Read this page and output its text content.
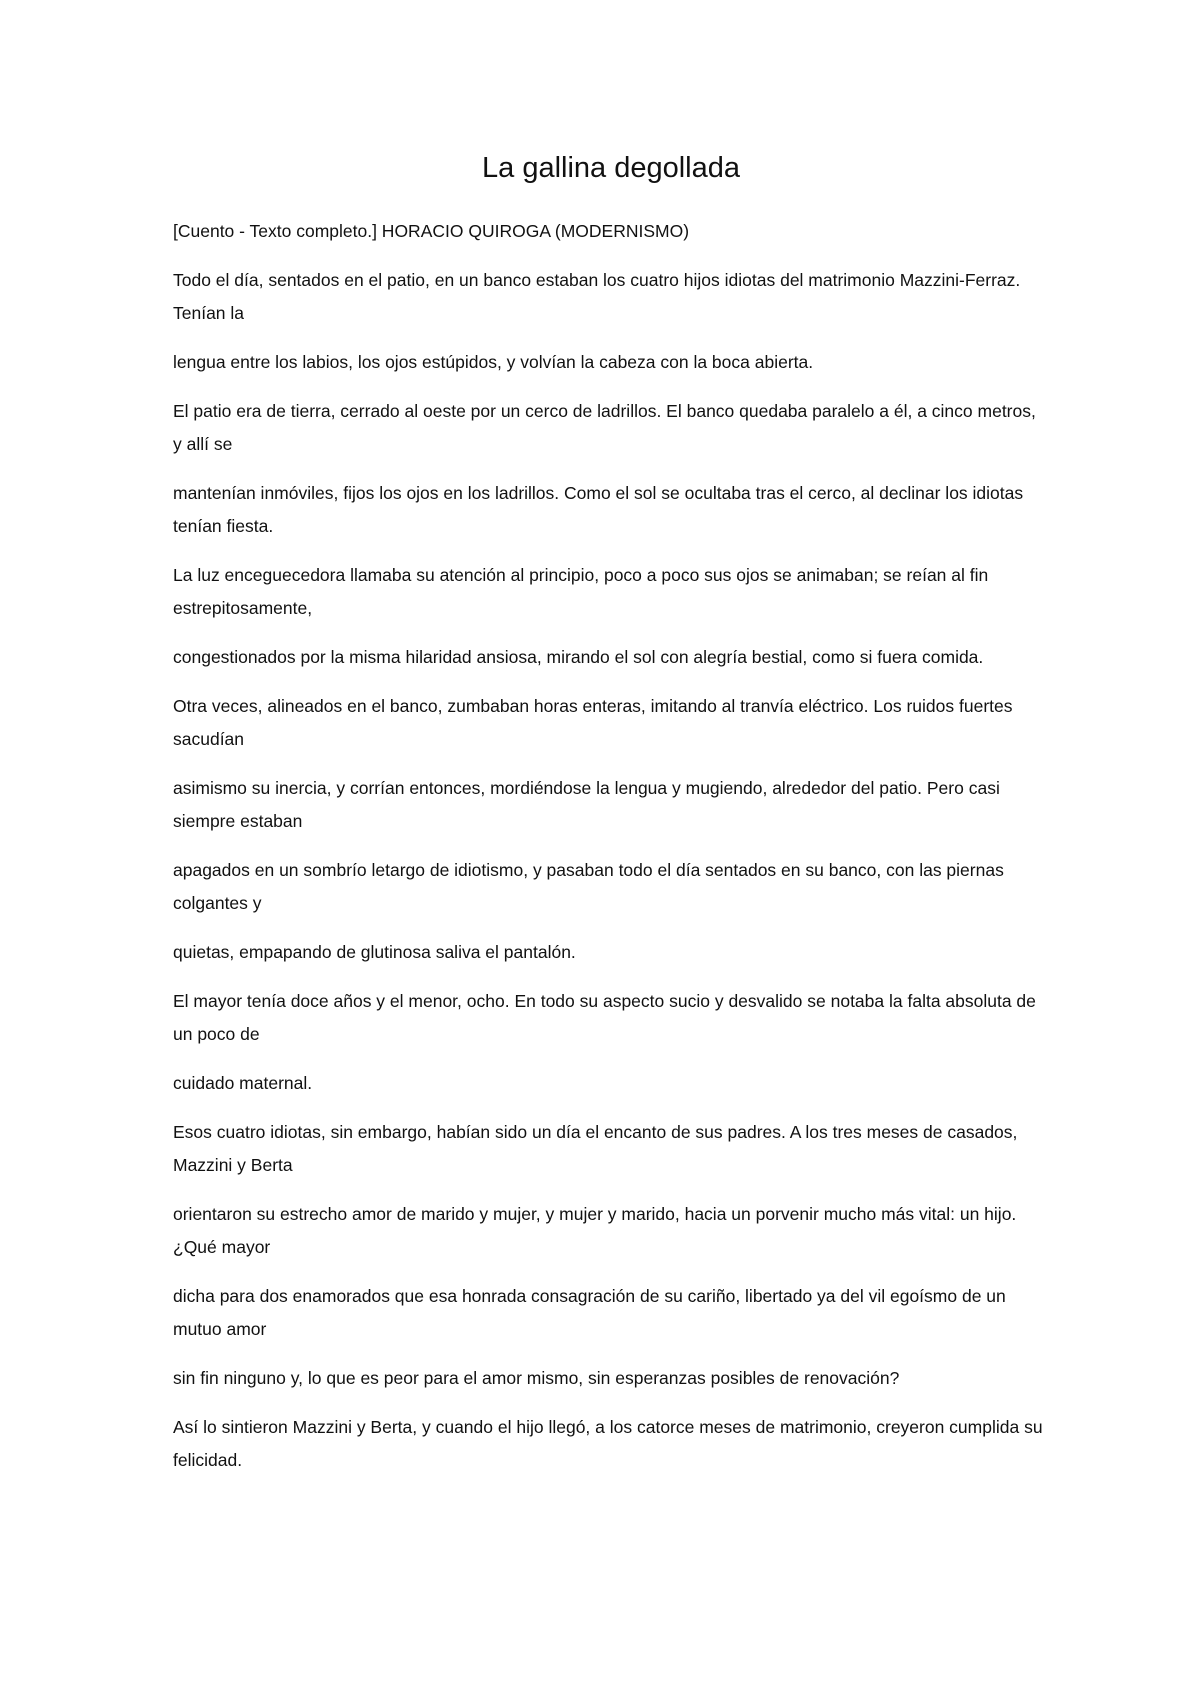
La gallina degollada
[Cuento - Texto completo.] HORACIO QUIROGA (MODERNISMO)
Todo el día, sentados en el patio, en un banco estaban los cuatro hijos idiotas del matrimonio Mazzini-Ferraz. Tenían la
lengua entre los labios, los ojos estúpidos, y volvían la cabeza con la boca abierta.
El patio era de tierra, cerrado al oeste por un cerco de ladrillos. El banco quedaba paralelo a él, a cinco metros, y allí se
mantenían inmóviles, fijos los ojos en los ladrillos. Como el sol se ocultaba tras el cerco, al declinar los idiotas tenían fiesta.
La luz enceguecedora llamaba su atención al principio, poco a poco sus ojos se animaban; se reían al fin estrepitosamente,
congestionados por la misma hilaridad ansiosa, mirando el sol con alegría bestial, como si fuera comida.
Otra veces, alineados en el banco, zumbaban horas enteras, imitando al tranvía eléctrico. Los ruidos fuertes sacudían
asimismo su inercia, y corrían entonces, mordiéndose la lengua y mugiendo, alrededor del patio. Pero casi siempre estaban
apagados en un sombrío letargo de idiotismo, y pasaban todo el día sentados en su banco, con las piernas colgantes y
quietas, empapando de glutinosa saliva el pantalón.
El mayor tenía doce años y el menor, ocho. En todo su aspecto sucio y desvalido se notaba la falta absoluta de un poco de
cuidado maternal.
Esos cuatro idiotas, sin embargo, habían sido un día el encanto de sus padres. A los tres meses de casados, Mazzini y Berta
orientaron su estrecho amor de marido y mujer, y mujer y marido, hacia un porvenir mucho más vital: un hijo. ¿Qué mayor
dicha para dos enamorados que esa honrada consagración de su cariño, libertado ya del vil egoísmo de un mutuo amor
sin fin ninguno y, lo que es peor para el amor mismo, sin esperanzas posibles de renovación?
Así lo sintieron Mazzini y Berta, y cuando el hijo llegó, a los catorce meses de matrimonio, creyeron cumplida su felicidad.
